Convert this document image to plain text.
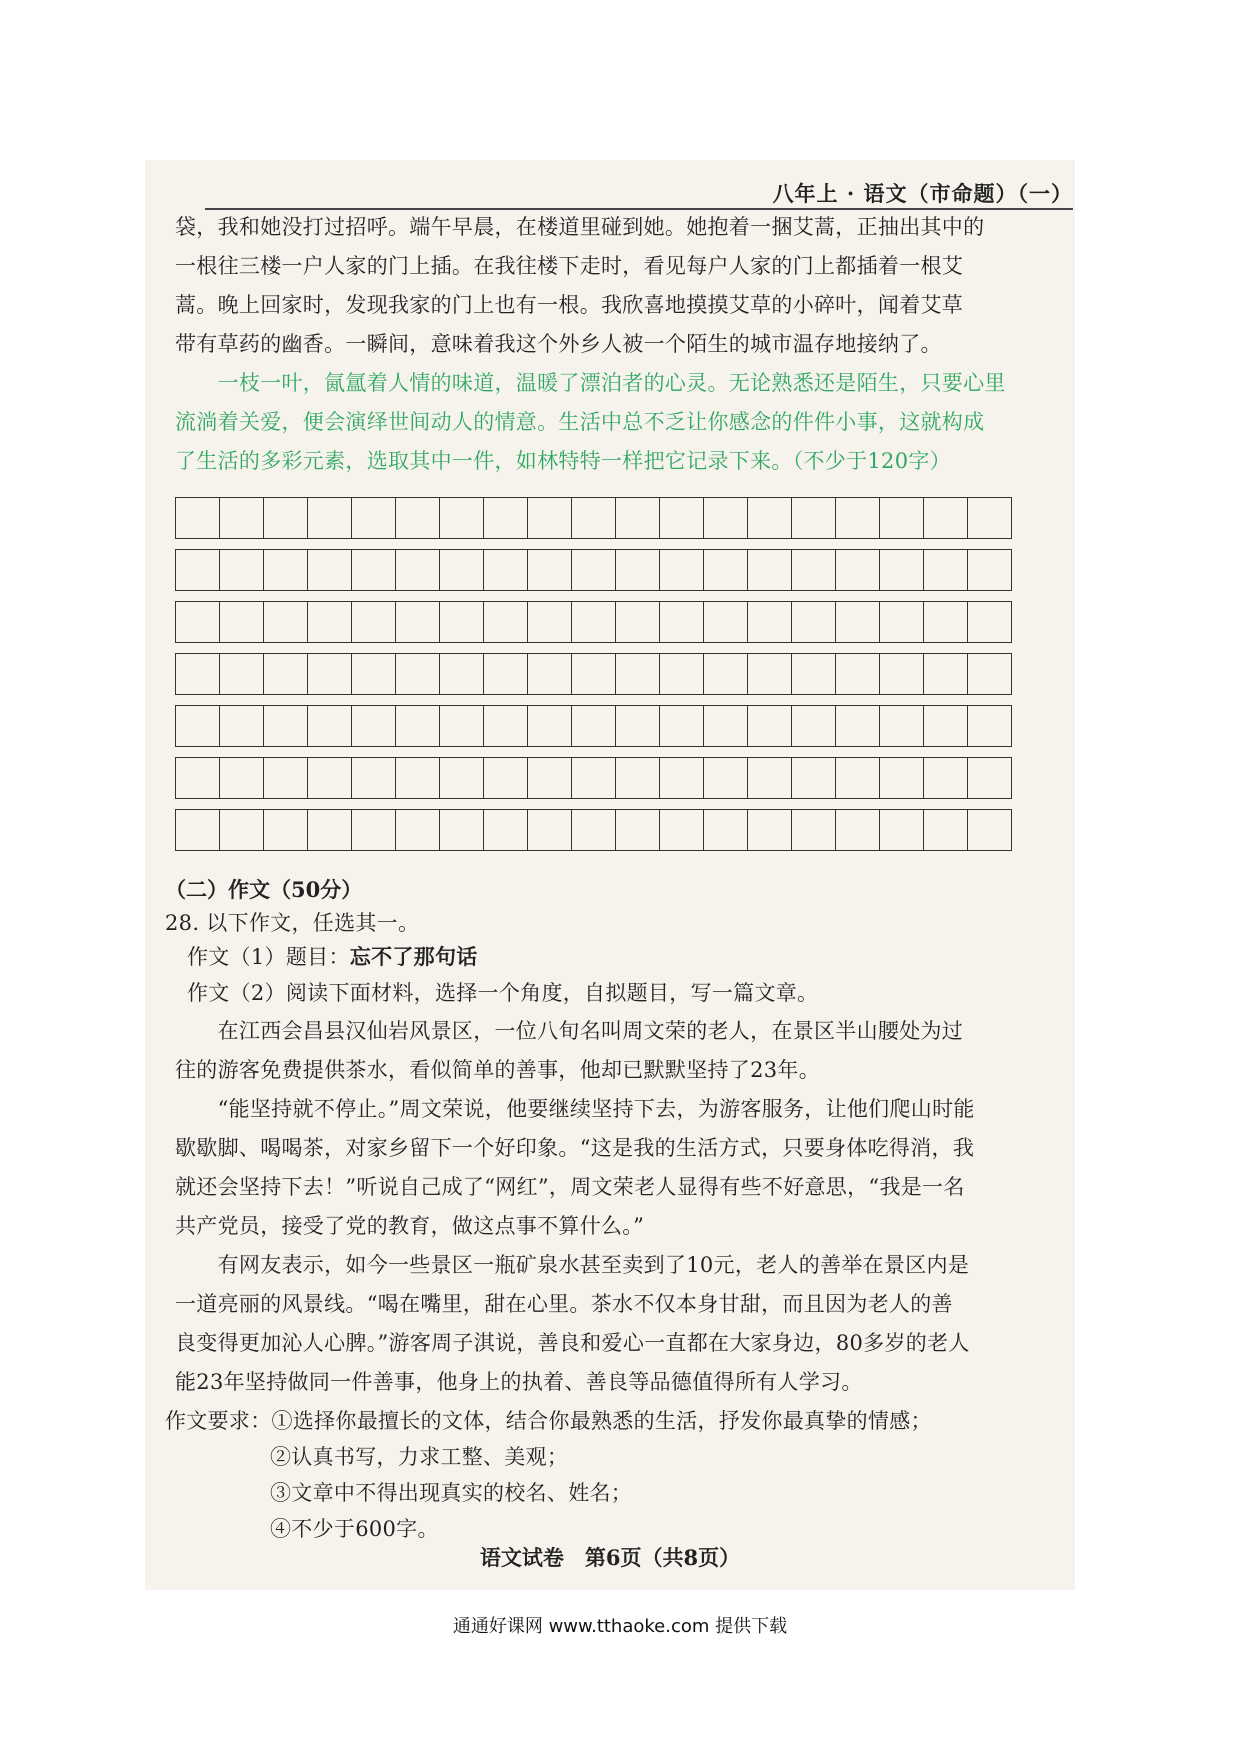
八年上 · 语文（市命题）（一）
袋，我和她没打过招呼。端午早晨，在楼道里碰到她。她抱着一捆艾蒿，正抽出其中的
一根往三楼一户人家的门上插。在我往楼下走时，看见每户人家的门上都插着一根艾
蒿。晚上回家时，发现我家的门上也有一根。我欣喜地摸摸艾草的小碎叶，闻着艾草
带有草药的幽香。一瞬间，意味着我这个外乡人被一个陌生的城市温存地接纳了。
　　一枝一叶，氤氲着人情的味道，温暖了漂泊者的心灵。无论熟悉还是陌生，只要心里
流淌着关爱，便会演绎世间动人的情意。生活中总不乏让你感念的件件小事，这就构成
了生活的多彩元素，选取其中一件，如林特特一样把它记录下来。（不少于120字）

（二）作文（50分）
28. 以下作文，任选其一。
作文（1）题目：忘不了那句话
作文（2）阅读下面材料，选择一个角度，自拟题目，写一篇文章。
　　在江西会昌县汉仙岩风景区，一位八旬名叫周文荣的老人，在景区半山腰处为过
往的游客免费提供茶水，看似简单的善事，他却已默默坚持了23年。
　　“能坚持就不停止。”周文荣说，他要继续坚持下去，为游客服务，让他们爬山时能
歇歇脚、喝喝茶，对家乡留下一个好印象。“这是我的生活方式，只要身体吃得消，我
就还会坚持下去！”听说自己成了“网红”，周文荣老人显得有些不好意思，“我是一名
共产党员，接受了党的教育，做这点事不算什么。”
　　有网友表示，如今一些景区一瓶矿泉水甚至卖到了10元，老人的善举在景区内是
一道亮丽的风景线。“喝在嘴里，甜在心里。茶水不仅本身甘甜，而且因为老人的善
良变得更加沁人心脾。”游客周子淇说，善良和爱心一直都在大家身边，80多岁的老人
能23年坚持做同一件善事，他身上的执着、善良等品德值得所有人学习。
作文要求：①选择你最擅长的文体，结合你最熟悉的生活，抒发你最真挚的情感；
②认真书写，力求工整、美观；
③文章中不得出现真实的校名、姓名；
④不少于600字。
语文试卷　第6页（共8页）
通通好课网 www.tthaoke.com 提供下载
